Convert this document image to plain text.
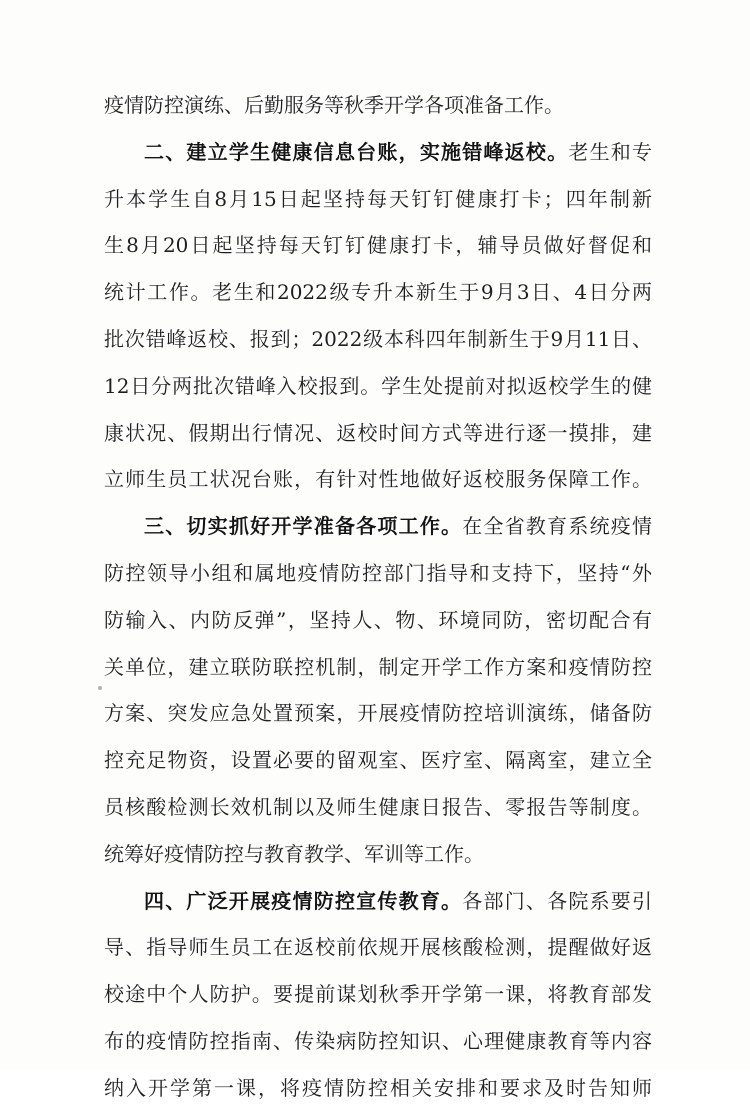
疫情防控演练、后勤服务等秋季开学各项准备工作。
二、建立学生健康信息台账，实施错峰返校。老生和专
升本学生自8月15日起坚持每天钉钉健康打卡；四年制新
生8月20日起坚持每天钉钉健康打卡，辅导员做好督促和
统计工作。老生和2022级专升本新生于9月3日、4日分两
批次错峰返校、报到；2022级本科四年制新生于9月11日、
12日分两批次错峰入校报到。学生处提前对拟返校学生的健
康状况、假期出行情况、返校时间方式等进行逐一摸排，建
立师生员工状况台账，有针对性地做好返校服务保障工作。
三、切实抓好开学准备各项工作。在全省教育系统疫情
防控领导小组和属地疫情防控部门指导和支持下，坚持“外
防输入、内防反弹”，坚持人、物、环境同防，密切配合有
关单位，建立联防联控机制，制定开学工作方案和疫情防控
方案、突发应急处置预案，开展疫情防控培训演练，储备防
控充足物资，设置必要的留观室、医疗室、隔离室，建立全
员核酸检测长效机制以及师生健康日报告、零报告等制度。
统筹好疫情防控与教育教学、军训等工作。
四、广泛开展疫情防控宣传教育。各部门、各院系要引
导、指导师生员工在返校前依规开展核酸检测，提醒做好返
校途中个人防护。要提前谋划秋季开学第一课，将教育部发
布的疫情防控指南、传染病防控知识、心理健康教育等内容
纳入开学第一课，将疫情防控相关安排和要求及时告知师
